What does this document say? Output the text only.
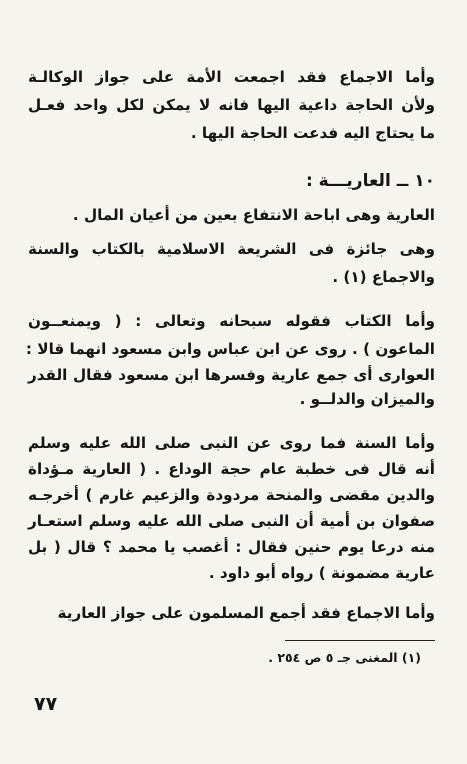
وأما الاجماع فقد اجمعت الأمة على جواز الوكالـة
ولأن الحاجة داعية اليها فانه لا يمكن لكل واحد فعـل
ما يحتاج اليه فدعت الحاجة اليها .
١٠ ــ العاريـــة :
العارية وهى اباحة الانتفاع بعين من أعيان المال .
وهى جائزة فى الشريعة الاسلامية بالكتاب والسنة
والاجماع (١) .
وأما الكتاب فقوله سبحانه وتعالى : ( ويمنعــون
الماعون ) . روى عن ابن عباس وابن مسعود انهما قالا :
العوارى أى جمع عارية وفسرها ابن مسعود فقال القدر
والميزان والدلــو .
وأما السنة فما روى عن النبى صلى الله عليه وسلم
أنه قال فى خطبة عام حجة الوداع . ( العارية مـؤداة
والدين مقضى والمنحة مردودة والزعيم غارم ) أخرجـه
صفوان بن أمية أن النبى صلى الله عليه وسلم استعـار
منه درعا يوم حنين فقال : أغصب يا محمد ؟ قال ( بل
عارية مضمونة ) رواه أبو داود .
وأما الاجماع فقد أجمع المسلمون على جواز العارية
(١) المغنى جـ ٥ ص ٢٥٤ .
٧٧
